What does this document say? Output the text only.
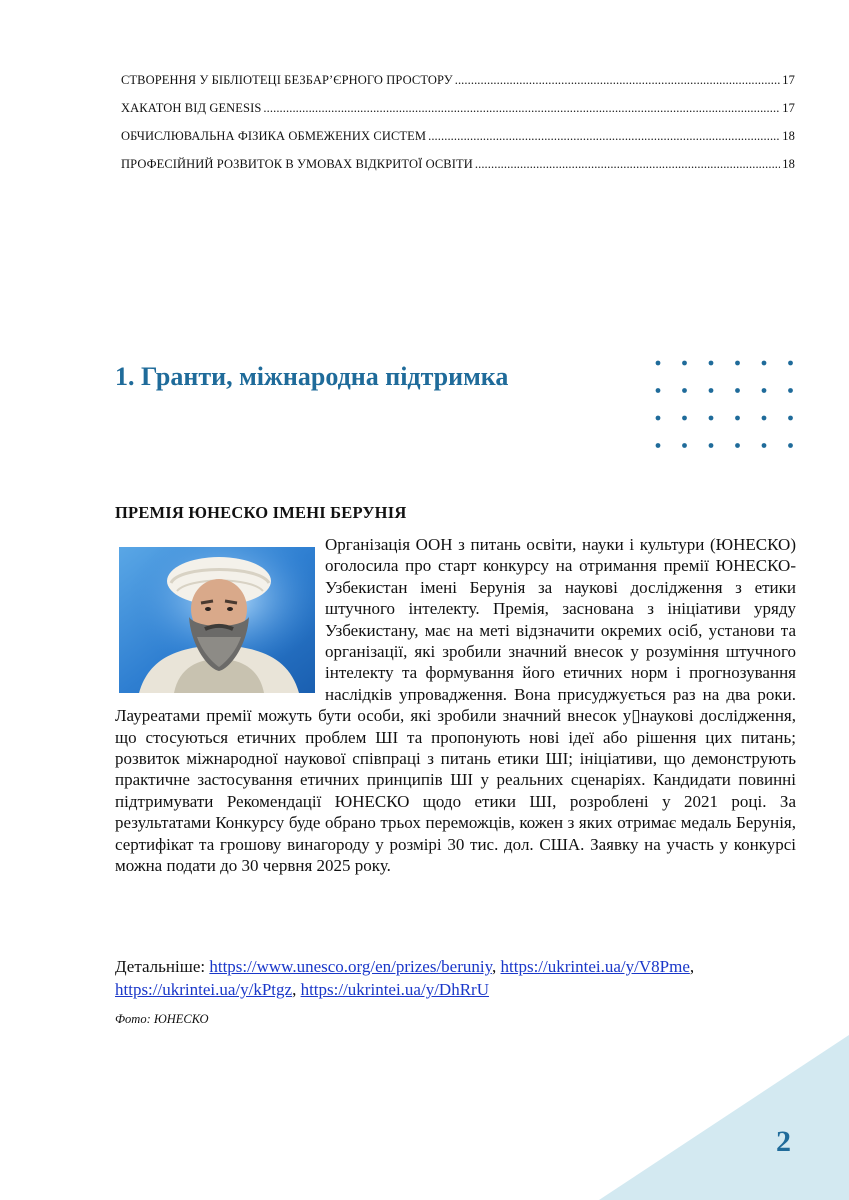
СТВОРЕННЯ У БІБЛІОТЕЦІ БЕЗБАР’ЄРНОГО ПРОСТОРУ .....	17
ХАКАТОН ВІД GENESIS .....	17
ОБЧИСЛЮВАЛЬНА ФІЗИКА ОБМЕЖЕНИХ СИСТЕМ .....	18
ПРОФЕСІЙНИЙ РОЗВИТОК В УМОВАХ ВІДКРИТОЇ ОСВІТИ .....	18
1. Гранти, міжнародна підтримка
ПРЕМІЯ ЮНЕСКО ІМЕНІ БЕРУНІЯ
Організація ООН з питань освіти, науки і культури (ЮНЕСКО) оголосила про старт конкурсу на отримання премії ЮНЕСКО-Узбекистан імені Берунія за наукові дослідження з етики штучного інтелекту. Премія, заснована з ініціативи уряду Узбекистану, має на меті відзначити окремих осіб, установи та організації, які зробили значний внесок у розуміння штучного інтелекту та формування його етичних норм і прогнозування наслідків упровадження. Вона присуджується раз на два роки. Лауреатами премії можуть бути особи, які зробили значний внесок у▯наукові дослідження, що стосуються етичних проблем ШІ та пропонують нові ідеї або рішення цих питань; розвиток міжнародної наукової співпраці з питань етики ШІ; ініціативи, що демонструють практичне застосування етичних принципів ШІ у реальних сценаріях. Кандидати повинні підтримувати Рекомендації ЮНЕСКО щодо етики ШІ, розроблені у 2021 році. За результатами Конкурсу буде обрано трьох переможців, кожен з яких отримає медаль Берунія, сертифікат та грошову винагороду у розмірі 30 тис. дол. США. Заявку на участь у конкурсі можна подати до 30 червня 2025 року.
Детальніше: https://www.unesco.org/en/prizes/beruniy, https://ukrintei.ua/y/V8Pme, https://ukrintei.ua/y/kPtgz, https://ukrintei.ua/y/DhRrU
Фото: ЮНЕСКО
2
